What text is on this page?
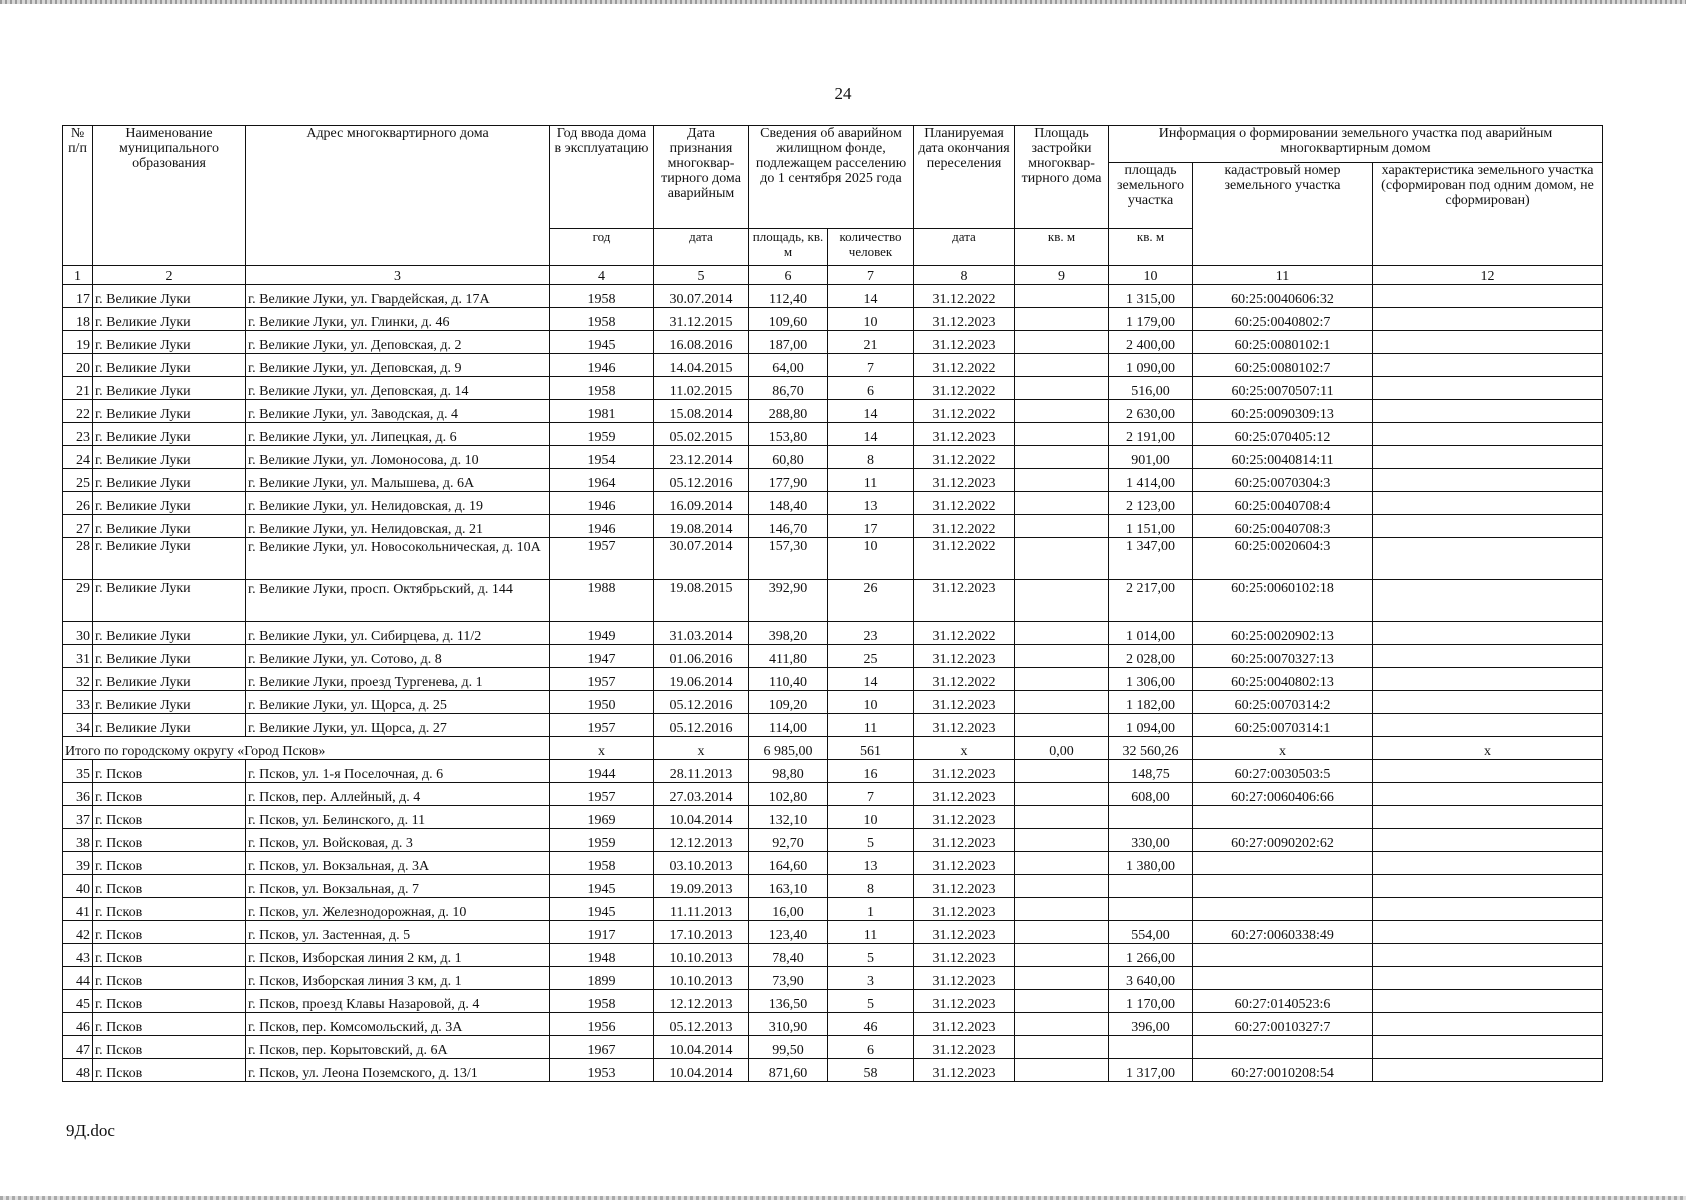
24
№ п/п	Наименование муниципального образования	Адрес многоквартирного дома	Год ввода дома в эксплуатацию	Дата признания многоквар-тирного дома аварийным	Сведения об аварийном жилищном фонде, подлежащем расселению до 1 сентября 2025 года		Планируемая дата окончания переселения	Площадь застройки многоквар-тирного дома	Информация о формировании земельного участка под аварийным многоквартирным домом		
									площадь земельного участка	кадастровый номер земельного участка	характеристика земельного участка (сформирован под одним домом, не сформирован)
			год	дата	площадь, кв. м	количество человек	дата	кв. м	кв. м		
1	2	3	4	5	6	7	8	9	10	11	12
17	г. Великие Луки	г. Великие Луки, ул. Гвардейская, д. 17А	1958	30.07.2014	112,40	14	31.12.2022		1 315,00	60:25:0040606:32	
18	г. Великие Луки	г. Великие Луки, ул. Глинки, д. 46	1958	31.12.2015	109,60	10	31.12.2023		1 179,00	60:25:0040802:7	
19	г. Великие Луки	г. Великие Луки, ул. Деповская, д. 2	1945	16.08.2016	187,00	21	31.12.2023		2 400,00	60:25:0080102:1	
20	г. Великие Луки	г. Великие Луки, ул. Деповская, д. 9	1946	14.04.2015	64,00	7	31.12.2022		1 090,00	60:25:0080102:7	
21	г. Великие Луки	г. Великие Луки, ул. Деповская, д. 14	1958	11.02.2015	86,70	6	31.12.2022		516,00	60:25:0070507:11	
22	г. Великие Луки	г. Великие Луки, ул. Заводская, д. 4	1981	15.08.2014	288,80	14	31.12.2022		2 630,00	60:25:0090309:13	
23	г. Великие Луки	г. Великие Луки, ул. Липецкая, д. 6	1959	05.02.2015	153,80	14	31.12.2023		2 191,00	60:25:070405:12	
24	г. Великие Луки	г. Великие Луки, ул. Ломоносова, д. 10	1954	23.12.2014	60,80	8	31.12.2022		901,00	60:25:0040814:11	
25	г. Великие Луки	г. Великие Луки, ул. Малышева, д. 6А	1964	05.12.2016	177,90	11	31.12.2023		1 414,00	60:25:0070304:3	
26	г. Великие Луки	г. Великие Луки, ул. Нелидовская, д. 19	1946	16.09.2014	148,40	13	31.12.2022		2 123,00	60:25:0040708:4	
27	г. Великие Луки	г. Великие Луки, ул. Нелидовская, д. 21	1946	19.08.2014	146,70	17	31.12.2022		1 151,00	60:25:0040708:3	
28	г. Великие Луки	г. Великие Луки, ул. Новосокольническая, д. 10А	1957	30.07.2014	157,30	10	31.12.2022		1 347,00	60:25:0020604:3	
29	г. Великие Луки	г. Великие Луки, просп. Октябрьский, д. 144	1988	19.08.2015	392,90	26	31.12.2023		2 217,00	60:25:0060102:18	
30	г. Великие Луки	г. Великие Луки, ул. Сибирцева, д. 11/2	1949	31.03.2014	398,20	23	31.12.2022		1 014,00	60:25:0020902:13	
31	г. Великие Луки	г. Великие Луки, ул. Сотово, д. 8	1947	01.06.2016	411,80	25	31.12.2023		2 028,00	60:25:0070327:13	
32	г. Великие Луки	г. Великие Луки, проезд Тургенева, д. 1	1957	19.06.2014	110,40	14	31.12.2022		1 306,00	60:25:0040802:13	
33	г. Великие Луки	г. Великие Луки, ул. Щорса, д. 25	1950	05.12.2016	109,20	10	31.12.2023		1 182,00	60:25:0070314:2	
34	г. Великие Луки	г. Великие Луки, ул. Щорса, д. 27	1957	05.12.2016	114,00	11	31.12.2023		1 094,00	60:25:0070314:1	
Итого по городскому округу «Город Псков»			х	х	6 985,00	561	х	0,00	32 560,26	х	х
35	г. Псков	г. Псков, ул. 1-я Поселочная, д. 6	1944	28.11.2013	98,80	16	31.12.2023		148,75	60:27:0030503:5	
36	г. Псков	г. Псков, пер. Аллейный, д. 4	1957	27.03.2014	102,80	7	31.12.2023		608,00	60:27:0060406:66	
37	г. Псков	г. Псков, ул. Белинского, д. 11	1969	10.04.2014	132,10	10	31.12.2023				
38	г. Псков	г. Псков, ул. Войсковая, д. 3	1959	12.12.2013	92,70	5	31.12.2023		330,00	60:27:0090202:62	
39	г. Псков	г. Псков, ул. Вокзальная, д. 3А	1958	03.10.2013	164,60	13	31.12.2023		1 380,00		
40	г. Псков	г. Псков, ул. Вокзальная, д. 7	1945	19.09.2013	163,10	8	31.12.2023				
41	г. Псков	г. Псков, ул. Железнодорожная, д. 10	1945	11.11.2013	16,00	1	31.12.2023				
42	г. Псков	г. Псков, ул. Застенная, д. 5	1917	17.10.2013	123,40	11	31.12.2023		554,00	60:27:0060338:49	
43	г. Псков	г. Псков, Изборская линия 2 км, д. 1	1948	10.10.2013	78,40	5	31.12.2023		1 266,00		
44	г. Псков	г. Псков, Изборская линия 3 км, д. 1	1899	10.10.2013	73,90	3	31.12.2023		3 640,00		
45	г. Псков	г. Псков, проезд Клавы Назаровой, д. 4	1958	12.12.2013	136,50	5	31.12.2023		1 170,00	60:27:0140523:6	
46	г. Псков	г. Псков, пер. Комсомольский, д. 3А	1956	05.12.2013	310,90	46	31.12.2023		396,00	60:27:0010327:7	
47	г. Псков	г. Псков, пер. Корытовский, д. 6А	1967	10.04.2014	99,50	6	31.12.2023				
48	г. Псков	г. Псков, ул. Леона Поземского, д. 13/1	1953	10.04.2014	871,60	58	31.12.2023		1 317,00	60:27:0010208:54	
9Д.doc
